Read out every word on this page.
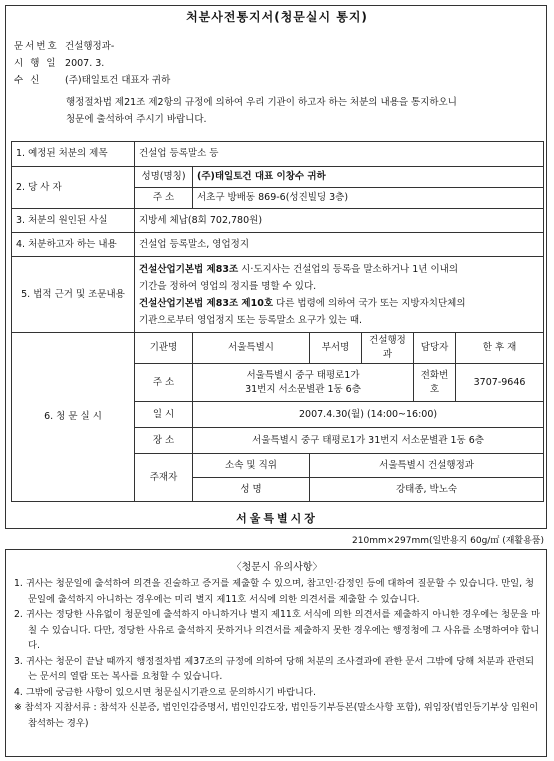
처분사전통지서(청문실시 통지)
문서번호 건설행정과-
시 행 일 2007. 3.
수 신 (주)태일토건 대표자 귀하
행정절차법 제21조 제2항의 규정에 의하여 우리 기관이 하고자 하는 처분의 내용을 통지하오니
청문에 출석하여 주시기 바랍니다.
1. 예정된 처분의 제목	건설업 등록말소 등					
2. 당 사 자	성명(명칭)	(주)태일토건 대표 이창수 귀하				
	주 소	서초구 방배동 869-6(성진빌딩 3층)				
3. 처분의 원인된 사실	지방세 체납(8회 702,780원)					
4. 처분하고자 하는 내용	건설업 등록말소, 영업정지					
5. 법적 근거 및 조문내용	건설산업기본법 제83조 시·도지사는 건설업의 등록을 말소하거나 1년 이내의
기간을 정하여 영업의 정지를 명할 수 있다.
건설산업기본법 제83조 제10호 다른 법령에 의하여 국가 또는 지방자치단체의
기관으로부터 영업정지 또는 등록말소 요구가 있는 때.					

6. 청 문 실 시	기관명	서울특별시	부서명	건설행정과	담당자	한 후 재
	주 소	서울특별시 중구 태평로1가
31번지 서소문별관 1동 6층			전화번호	3707-9646
	일 시	2007.4.30(월) (14:00~16:00)				
	장 소	서울특별시 중구 태평로1가 31번지 서소문별관 1동 6층				
	주재자	소속 및 직위	서울특별시 건설행정과			
		성 명	강태종, 박노숙			
서울특별시장
210mm×297mm(일반용지 60g/㎡ (재활용품)
〈청문시 유의사항〉
1. 귀사는 청문일에 출석하여 의견을 진술하고 증거를 제출할 수 있으며, 참고인·감정인 등에 대하여 질문할 수 있습니다. 만일, 청문일에 출석하지 아니하는 경우에는 미리 별지 제11호 서식에 의한 의견서를 제출할 수 있습니다.
2. 귀사는 정당한 사유없이 청문일에 출석하지 아니하거나 별지 제11호 서식에 의한 의견서를 제출하지 아니한 경우에는 청문을 마칠 수 있습니다. 다만, 정당한 사유로 출석하지 못하거나 의견서를 제출하지 못한 경우에는 행정청에 그 사유를 소명하여야 합니다.
3. 귀사는 청문이 끝날 때까지 행정절차법 제37조의 규정에 의하여 당해 처분의 조사결과에 관한 문서 그밖에 당해 처분과 관련되는 문서의 열람 또는 복사를 요청할 수 있습니다.
4. 그밖에 궁금한 사항이 있으시면 청문실시기관으로 문의하시기 바랍니다.
※ 참석자 지참서류 : 참석자 신분증, 법인인감증명서, 법인인감도장, 법인등기부등본(말소사항 포함), 위임장(법인등기부상 임원이 참석하는 경우)
